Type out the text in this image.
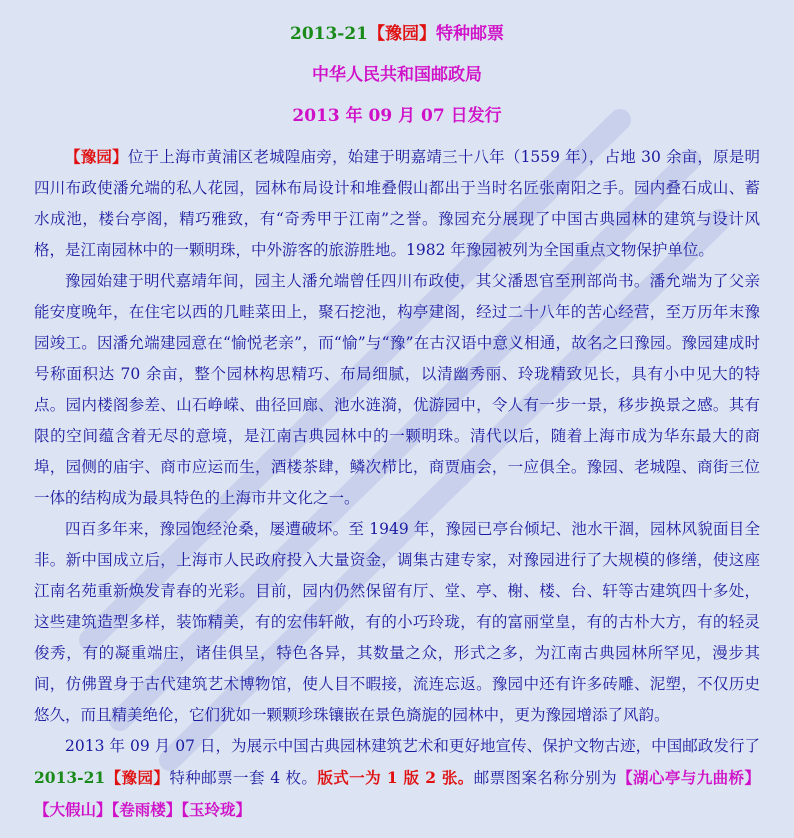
2013-21【豫园】特种邮票
中华人民共和国邮政局
2013 年 09 月 07 日发行

【豫园】位于上海市黄浦区老城隍庙旁，始建于明嘉靖三十八年（1559 年），占地 30 余亩，原是明四川布政使潘允端的私人花园，园林布局设计和堆叠假山都出于当时名匠张南阳之手。园内叠石成山、蓄水成池，楼台亭阁，精巧雅致，有“奇秀甲于江南”之誉。豫园充分展现了中国古典园林的建筑与设计风格，是江南园林中的一颗明珠，中外游客的旅游胜地。1982 年豫园被列为全国重点文物保护单位。

豫园始建于明代嘉靖年间，园主人潘允端曾任四川布政使，其父潘恩官至刑部尚书。潘允端为了父亲能安度晚年，在住宅以西的几畦菜田上，聚石挖池，构亭建阁，经过二十八年的苦心经营，至万历年末豫园竣工。因潘允端建园意在“愉悦老亲”，而“愉”与“豫”在古汉语中意义相通，故名之曰豫园。豫园建成时号称面积达 70 余亩，整个园林构思精巧、布局细腻，以清幽秀丽、玲珑精致见长，具有小中见大的特点。园内楼阁参差、山石峥嵘、曲径回廊、池水涟漪，优游园中，令人有一步一景，移步换景之感。其有限的空间蕴含着无尽的意境，是江南古典园林中的一颗明珠。清代以后，随着上海市成为华东最大的商埠，园侧的庙宇、商市应运而生，酒楼茶肆，鳞次栉比，商贾庙会，一应俱全。豫园、老城隍、商街三位一体的结构成为最具特色的上海市井文化之一。

四百多年来，豫园饱经沧桑，屡遭破坏。至 1949 年，豫园已亭台倾圮、池水干涸，园林风貌面目全非。新中国成立后，上海市人民政府投入大量资金，调集古建专家，对豫园进行了大规模的修缮，使这座江南名苑重新焕发青春的光彩。目前，园内仍然保留有厅、堂、亭、榭、楼、台、轩等古建筑四十多处，这些建筑造型多样，装饰精美，有的宏伟轩敞，有的小巧玲珑，有的富丽堂皇，有的古朴大方，有的轻灵俊秀，有的凝重端庄，诸佳俱呈，特色各异，其数量之众，形式之多，为江南古典园林所罕见，漫步其间，仿佛置身于古代建筑艺术博物馆，使人目不暇接，流连忘返。豫园中还有许多砖雕、泥塑，不仅历史悠久，而且精美绝伦，它们犹如一颗颗珍珠镶嵌在景色旖旎的园林中，更为豫园增添了风韵。

2013 年 09 月 07 日，为展示中国古典园林建筑艺术和更好地宣传、保护文物古迹，中国邮政发行了2013-21【豫园】特种邮票一套 4 枚。版式一为 1 版 2 张。邮票图案名称分别为【湖心亭与九曲桥】【大假山】【卷雨楼】【玉玲珑】
